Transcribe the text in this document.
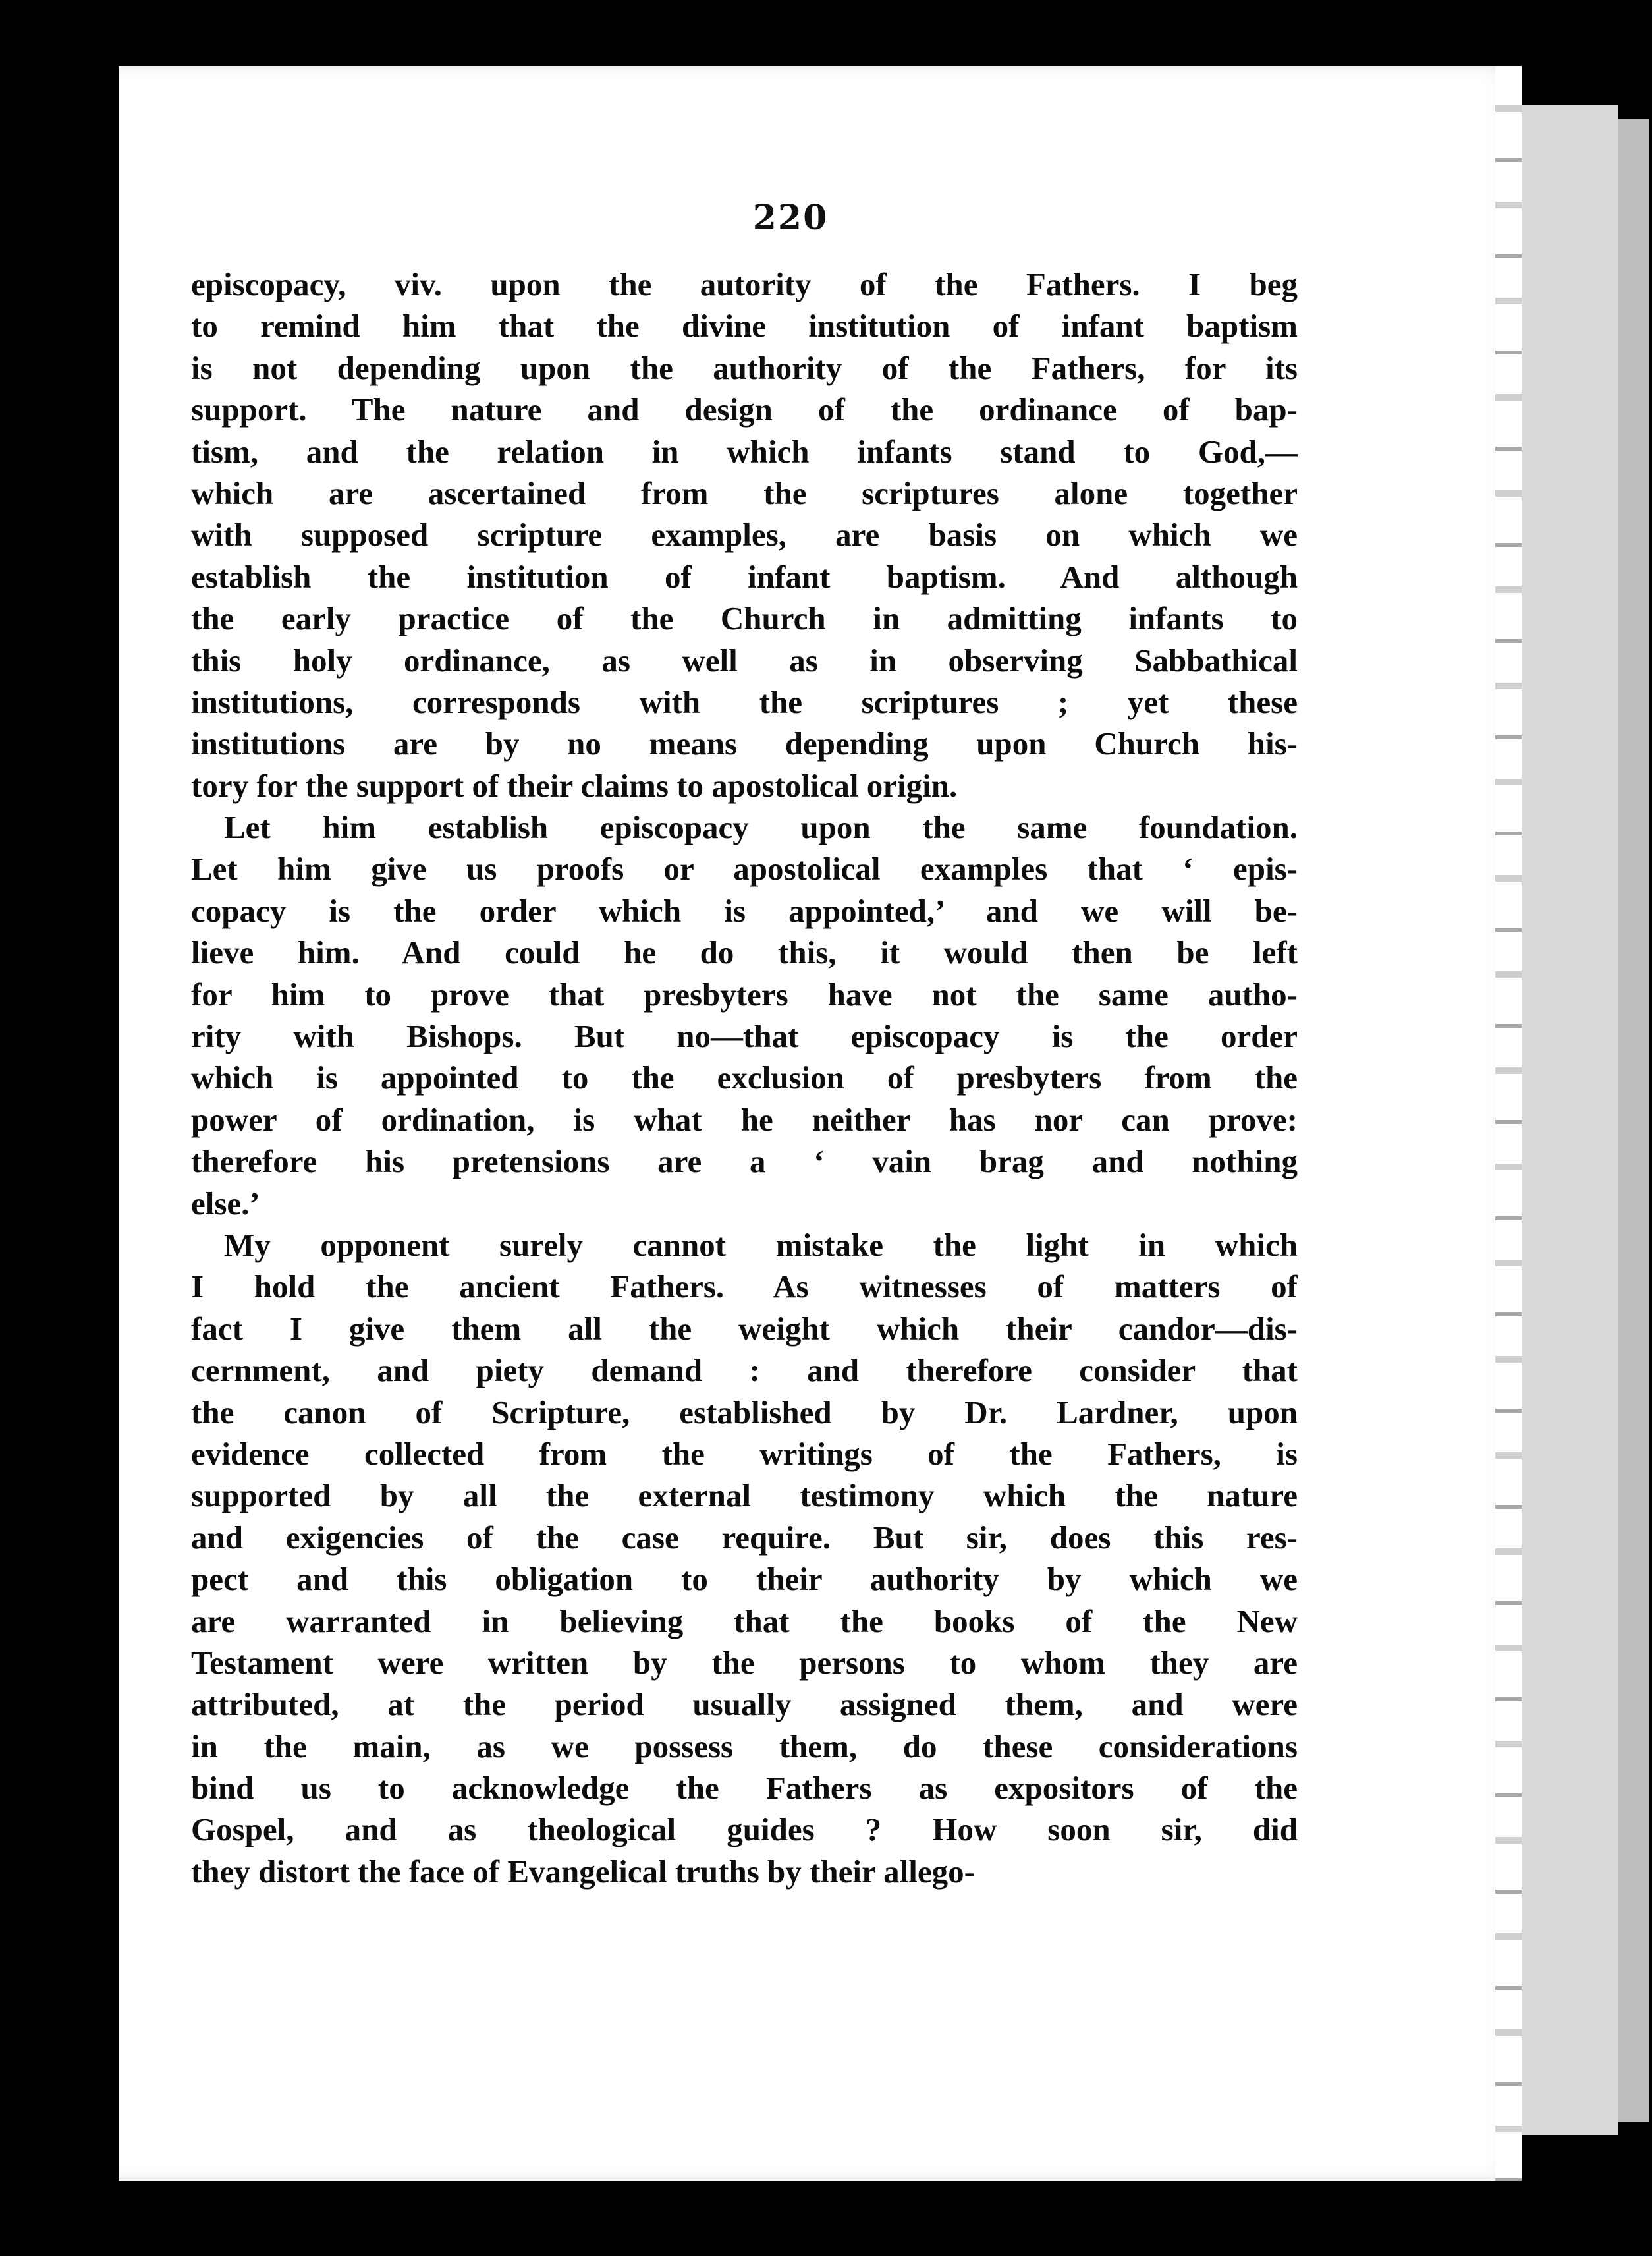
220
episcopacy, viv. upon the autority of the Fathers. I beg
to remind him that the divine institution of infant baptism
is not depending upon the authority of the Fathers, for its
support. The nature and design of the ordinance of bap-
tism, and the relation in which infants stand to God,—
which are ascertained from the scriptures alone together
with supposed scripture examples, are basis on which we
establish the institution of infant baptism. And although
the early practice of the Church in admitting infants to
this holy ordinance, as well as in observing Sabbathical
institutions, corresponds with the scriptures ; yet these
institutions are by no means depending upon Church his-
tory for the support of their claims to apostolical origin.
Let him establish episcopacy upon the same foundation.
Let him give us proofs or apostolical examples that ‘ epis-
copacy is the order which is appointed,’ and we will be-
lieve him. And could he do this, it would then be left
for him to prove that presbyters have not the same autho-
rity with Bishops. But no—that episcopacy is the order
which is appointed to the exclusion of presbyters from the
power of ordination, is what he neither has nor can prove:
therefore his pretensions are a ‘ vain brag and nothing
else.’
My opponent surely cannot mistake the light in which
I hold the ancient Fathers. As witnesses of matters of
fact I give them all the weight which their candor—dis-
cernment, and piety demand : and therefore consider that
the canon of Scripture, established by Dr. Lardner, upon
evidence collected from the writings of the Fathers, is
supported by all the external testimony which the nature
and exigencies of the case require. But sir, does this res-
pect and this obligation to their authority by which we
are warranted in believing that the books of the New
Testament were written by the persons to whom they are
attributed, at the period usually assigned them, and were
in the main, as we possess them, do these considerations
bind us to acknowledge the Fathers as expositors of the
Gospel, and as theological guides ? How soon sir, did
they distort the face of Evangelical truths by their allego-
